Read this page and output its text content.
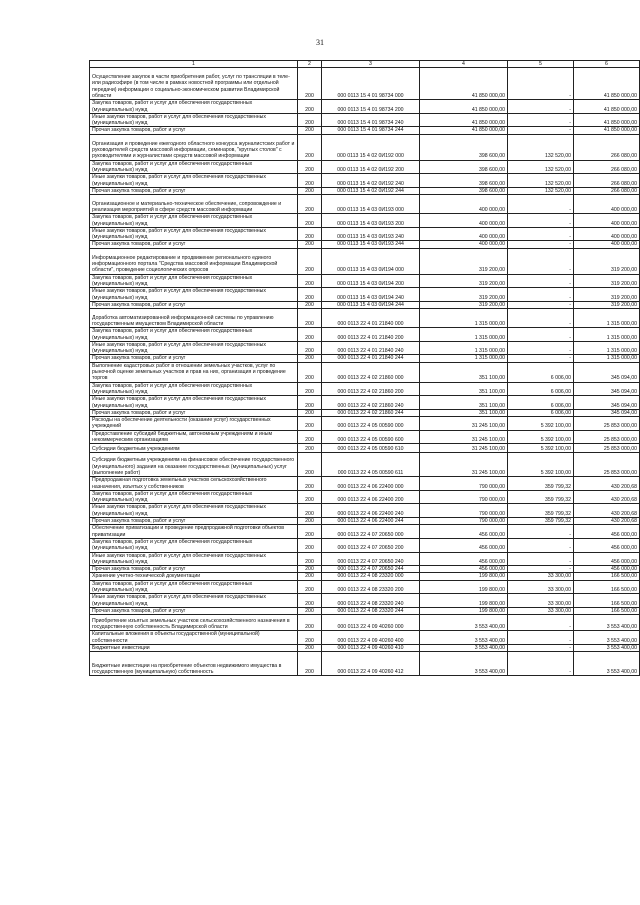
31
1	2	3	4	5	6
Осуществление закупок в части приобретения работ, услуг по трансляции в теле- или радиоэфире (в том числе в рамках новостной программы или отдельной передачи) информации о социально-экономическом развитии Владимирской области	200	000 0113 15 4 01 98734 000	41 850 000,00	-	41 850 000,00
Закупка товаров, работ и услуг для обеспечения государственных (муниципальных) нужд	200	000 0113 15 4 01 98734 200	41 850 000,00	-	41 850 000,00
Иные закупки товаров, работ и услуг для обеспечения государственных (муниципальных) нужд	200	000 0113 15 4 01 98734 240	41 850 000,00	-	41 850 000,00
Прочая закупка товаров, работ и услуг	200	000 0113 15 4 01 98734 244	41 850 000,00	-	41 850 000,00
Организация и проведение ежегодного областного конкурса журналистских работ и руководителей средств массовой информации, семинаров, "круглых столов" с руководителями и журналистами средств массовой информации	200	000 0113 15 4 02 0И192 000	398 600,00	132 520,00	266 080,00
Закупка товаров, работ и услуг для обеспечения государственных (муниципальных) нужд	200	000 0113 15 4 02 0И192 200	398 600,00	132 520,00	266 080,00
Иные закупки товаров, работ и услуг для обеспечения государственных (муниципальных) нужд	200	000 0113 15 4 02 0И192 240	398 600,00	132 520,00	266 080,00
Прочая закупка товаров, работ и услуг	200	000 0113 15 4 02 0И192 244	398 600,00	132 520,00	266 080,00
Организационное и материально-техническое обеспечение, сопровождение и реализация мероприятий в сфере средств массовой информации	200	000 0113 15 4 03 0И193 000	400 000,00	-	400 000,00
Закупка товаров, работ и услуг для обеспечения государственных (муниципальных) нужд	200	000 0113 15 4 03 0И193 200	400 000,00	-	400 000,00
Иные закупки товаров, работ и услуг для обеспечения государственных (муниципальных) нужд	200	000 0113 15 4 03 0И193 240	400 000,00	-	400 000,00
Прочая закупка товаров, работ и услуг	200	000 0113 15 4 03 0И193 244	400 000,00	-	400 000,00
Информационное редактирование и продвижение регионального единого информационного портала "Средства массовой информации Владимирской области", проведение социологических опросов	200	000 0113 15 4 03 0И194 000	319 200,00	-	319 200,00
Закупка товаров, работ и услуг для обеспечения государственных (муниципальных) нужд	200	000 0113 15 4 03 0И194 200	319 200,00	-	319 200,00
Иные закупки товаров, работ и услуг для обеспечения государственных (муниципальных) нужд	200	000 0113 15 4 03 0И194 240	319 200,00	-	319 200,00
Прочая закупка товаров, работ и услуг	200	000 0113 15 4 03 0И194 244	319 200,00	-	319 200,00
Доработка автоматизированной информационной системы по управлению государственным имуществом Владимирской области	200	000 0113 22 4 01 21840 000	1 315 000,00	-	1 315 000,00
Закупка товаров, работ и услуг для обеспечения государственных (муниципальных) нужд	200	000 0113 22 4 01 21840 200	1 315 000,00	-	1 315 000,00
Иные закупки товаров, работ и услуг для обеспечения государственных (муниципальных) нужд	200	000 0113 22 4 01 21840 240	1 315 000,00	-	1 315 000,00
Прочая закупка товаров, работ и услуг	200	000 0113 22 4 01 21840 244	1 315 000,00	-	1 315 000,00
Выполнение кадастровых работ в отношении земельных участков, услуг по рыночной оценке земельных участков и прав на них, организация и проведение торгов	200	000 0113 22 4 02 21860 000	351 100,00	6 006,00	345 094,00
Закупка товаров, работ и услуг для обеспечения государственных (муниципальных) нужд	200	000 0113 22 4 02 21860 200	351 100,00	6 006,00	345 094,00
Иные закупки товаров, работ и услуг для обеспечения государственных (муниципальных) нужд	200	000 0113 22 4 02 21860 240	351 100,00	6 006,00	345 094,00
Прочая закупка товаров, работ и услуг	200	000 0113 22 4 02 21860 244	351 100,00	6 006,00	345 094,00
Расходы на обеспечение деятельности (оказание услуг) государственных учреждений	200	000 0113 22 4 05 00590 000	31 245 100,00	5 392 100,00	25 853 000,00
Предоставление субсидий бюджетным, автономным учреждениям и иным некоммерческим организациям	200	000 0113 22 4 05 00590 600	31 245 100,00	5 392 100,00	25 853 000,00
Субсидии бюджетным учреждениям	200	000 0113 22 4 05 00590 610	31 245 100,00	5 392 100,00	25 853 000,00
Субсидии бюджетным учреждениям на финансовое обеспечение государственного (муниципального) задания на оказание государственных (муниципальных) услуг (выполнение работ)	200	000 0113 22 4 05 00590 611	31 245 100,00	5 392 100,00	25 853 000,00
Предпродажная подготовка земельных участков сельскохозяйственного назначения, изъятых у собственников	200	000 0113 22 4 06 22400 000	790 000,00	359 799,32	430 200,68
Закупка товаров, работ и услуг для обеспечения государственных (муниципальных) нужд	200	000 0113 22 4 06 22400 200	790 000,00	359 799,32	430 200,68
Иные закупки товаров, работ и услуг для обеспечения государственных (муниципальных) нужд	200	000 0113 22 4 06 22400 240	790 000,00	359 799,32	430 200,68
Прочая закупка товаров, работ и услуг	200	000 0113 22 4 06 22400 244	790 000,00	359 799,32	430 200,68
Обеспечение приватизации и проведение предпродажной подготовки объектов приватизации	200	000 0113 22 4 07 20650 000	456 000,00	-	456 000,00
Закупка товаров, работ и услуг для обеспечения государственных (муниципальных) нужд	200	000 0113 22 4 07 20650 200	456 000,00	-	456 000,00
Иные закупки товаров, работ и услуг для обеспечения государственных (муниципальных) нужд	200	000 0113 22 4 07 20650 240	456 000,00	-	456 000,00
Прочая закупка товаров, работ и услуг	200	000 0113 22 4 07 20650 244	456 000,00	-	456 000,00
Хранение учетно-технической документации	200	000 0113 22 4 08 23320 000	199 800,00	33 300,00	166 500,00
Закупка товаров, работ и услуг для обеспечения государственных (муниципальных) нужд	200	000 0113 22 4 08 23320 200	199 800,00	33 300,00	166 500,00
Иные закупки товаров, работ и услуг для обеспечения государственных (муниципальных) нужд	200	000 0113 22 4 08 23320 240	199 800,00	33 300,00	166 500,00
Прочая закупка товаров, работ и услуг	200	000 0113 22 4 08 23320 244	199 800,00	33 300,00	166 500,00
Приобретение изъятых земельных участков сельскохозяйственного назначения в государственную собственность Владимирской области	200	000 0113 22 4 09 40260 000	3 553 400,00	-	3 553 400,00
Капитальные вложения в объекты государственной (муниципальной) собственности	200	000 0113 22 4 09 40260 400	3 553 400,00	-	3 553 400,00
Бюджетные инвестиции	200	000 0113 22 4 09 40260 410	3 553 400,00	-	3 553 400,00
Бюджетные инвестиции на приобретение объектов недвижимого имущества в государственную (муниципальную) собственность	200	000 0113 22 4 09 40260 412	3 553 400,00	-	3 553 400,00
